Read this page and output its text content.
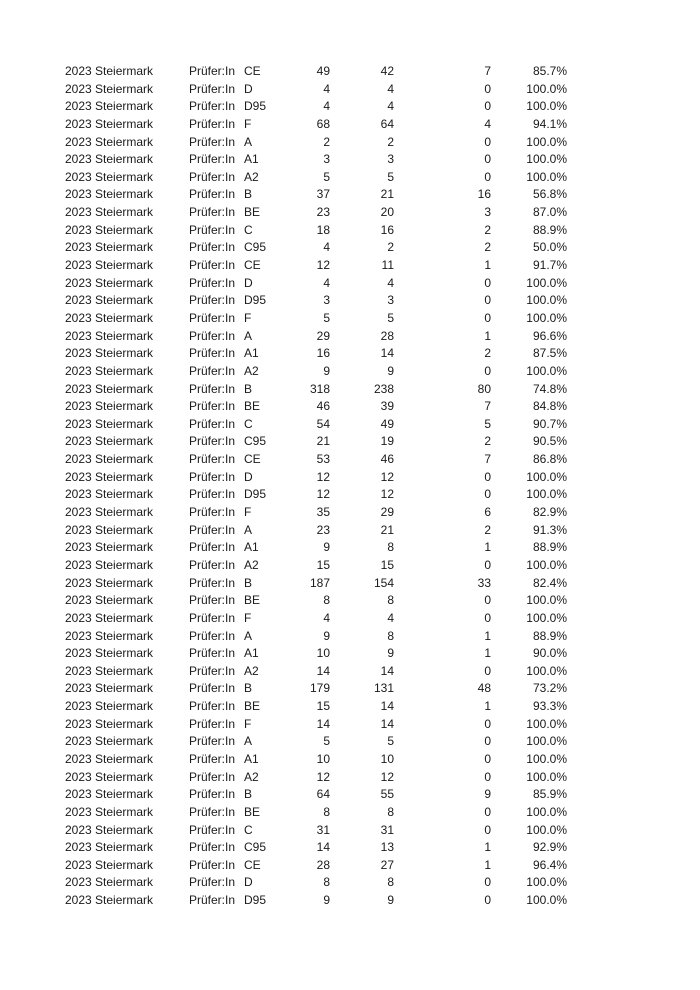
2023 Steiermark	Prüfer:In CE	49	42	7	85.7%
2023 Steiermark	Prüfer:In D	4	4	0	100.0%
2023 Steiermark	Prüfer:In D95	4	4	0	100.0%
2023 Steiermark	Prüfer:In F	68	64	4	94.1%
2023 Steiermark	Prüfer:In A	2	2	0	100.0%
2023 Steiermark	Prüfer:In A1	3	3	0	100.0%
2023 Steiermark	Prüfer:In A2	5	5	0	100.0%
2023 Steiermark	Prüfer:In B	37	21	16	56.8%
2023 Steiermark	Prüfer:In BE	23	20	3	87.0%
2023 Steiermark	Prüfer:In C	18	16	2	88.9%
2023 Steiermark	Prüfer:In C95	4	2	2	50.0%
2023 Steiermark	Prüfer:In CE	12	11	1	91.7%
2023 Steiermark	Prüfer:In D	4	4	0	100.0%
2023 Steiermark	Prüfer:In D95	3	3	0	100.0%
2023 Steiermark	Prüfer:In F	5	5	0	100.0%
2023 Steiermark	Prüfer:In A	29	28	1	96.6%
2023 Steiermark	Prüfer:In A1	16	14	2	87.5%
2023 Steiermark	Prüfer:In A2	9	9	0	100.0%
2023 Steiermark	Prüfer:In B	318	238	80	74.8%
2023 Steiermark	Prüfer:In BE	46	39	7	84.8%
2023 Steiermark	Prüfer:In C	54	49	5	90.7%
2023 Steiermark	Prüfer:In C95	21	19	2	90.5%
2023 Steiermark	Prüfer:In CE	53	46	7	86.8%
2023 Steiermark	Prüfer:In D	12	12	0	100.0%
2023 Steiermark	Prüfer:In D95	12	12	0	100.0%
2023 Steiermark	Prüfer:In F	35	29	6	82.9%
2023 Steiermark	Prüfer:In A	23	21	2	91.3%
2023 Steiermark	Prüfer:In A1	9	8	1	88.9%
2023 Steiermark	Prüfer:In A2	15	15	0	100.0%
2023 Steiermark	Prüfer:In B	187	154	33	82.4%
2023 Steiermark	Prüfer:In BE	8	8	0	100.0%
2023 Steiermark	Prüfer:In F	4	4	0	100.0%
2023 Steiermark	Prüfer:In A	9	8	1	88.9%
2023 Steiermark	Prüfer:In A1	10	9	1	90.0%
2023 Steiermark	Prüfer:In A2	14	14	0	100.0%
2023 Steiermark	Prüfer:In B	179	131	48	73.2%
2023 Steiermark	Prüfer:In BE	15	14	1	93.3%
2023 Steiermark	Prüfer:In F	14	14	0	100.0%
2023 Steiermark	Prüfer:In A	5	5	0	100.0%
2023 Steiermark	Prüfer:In A1	10	10	0	100.0%
2023 Steiermark	Prüfer:In A2	12	12	0	100.0%
2023 Steiermark	Prüfer:In B	64	55	9	85.9%
2023 Steiermark	Prüfer:In BE	8	8	0	100.0%
2023 Steiermark	Prüfer:In C	31	31	0	100.0%
2023 Steiermark	Prüfer:In C95	14	13	1	92.9%
2023 Steiermark	Prüfer:In CE	28	27	1	96.4%
2023 Steiermark	Prüfer:In D	8	8	0	100.0%
2023 Steiermark	Prüfer:In D95	9	9	0	100.0%
